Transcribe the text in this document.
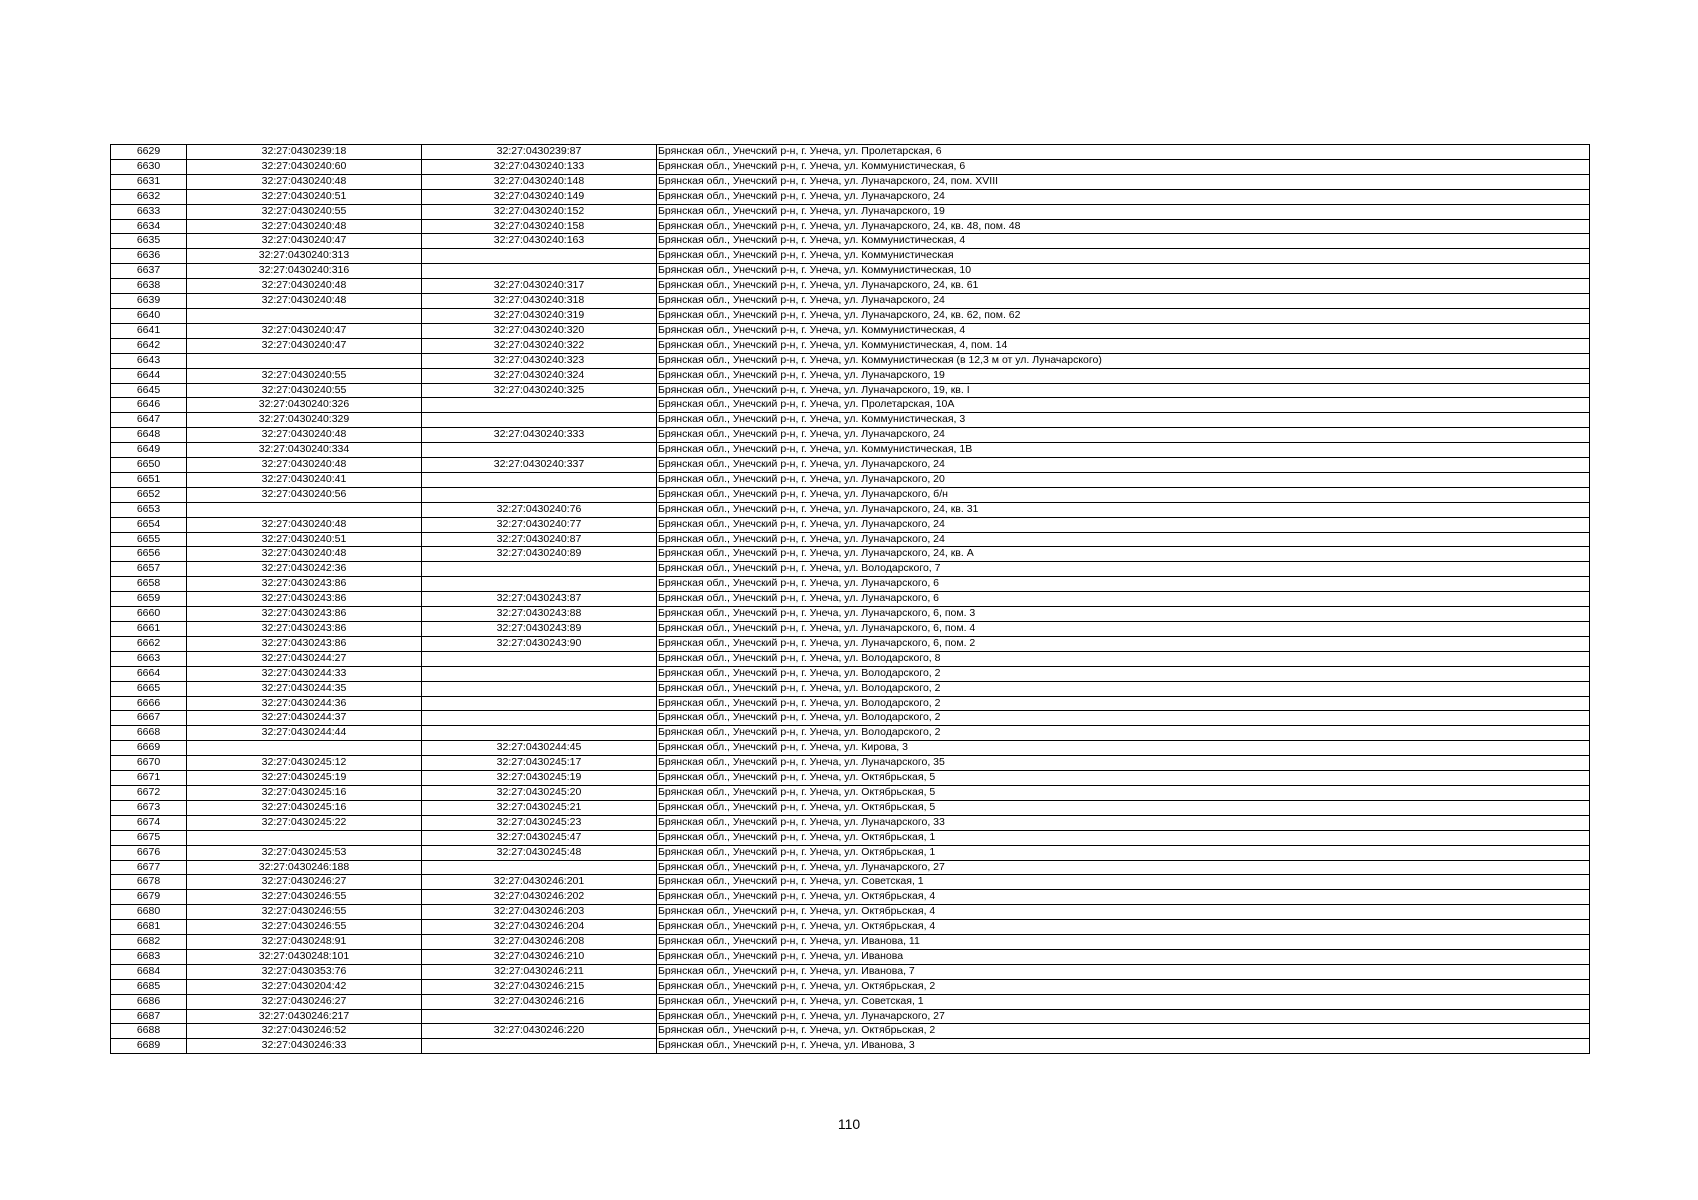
6629	32:27:0430239:18	32:27:0430239:87	Брянская обл., Унечский р-н, г. Унеча, ул. Пролетарская, 6
6630	32:27:0430240:60	32:27:0430240:133	Брянская обл., Унечский р-н, г. Унеча, ул. Коммунистическая, 6
6631	32:27:0430240:48	32:27:0430240:148	Брянская обл., Унечский р-н, г. Унеча, ул. Луначарского, 24, пом. XVIII
6632	32:27:0430240:51	32:27:0430240:149	Брянская обл., Унечский р-н, г. Унеча, ул. Луначарского, 24
6633	32:27:0430240:55	32:27:0430240:152	Брянская обл., Унечский р-н, г. Унеча, ул. Луначарского, 19
6634	32:27:0430240:48	32:27:0430240:158	Брянская обл., Унечский р-н, г. Унеча, ул. Луначарского, 24, кв. 48, пом. 48
6635	32:27:0430240:47	32:27:0430240:163	Брянская обл., Унечский р-н, г. Унеча, ул. Коммунистическая, 4
6636	32:27:0430240:313		Брянская обл., Унечский р-н, г. Унеча, ул. Коммунистическая
6637	32:27:0430240:316		Брянская обл., Унечский р-н, г. Унеча, ул. Коммунистическая, 10
6638	32:27:0430240:48	32:27:0430240:317	Брянская обл., Унечский р-н, г. Унеча, ул. Луначарского, 24, кв. 61
6639	32:27:0430240:48	32:27:0430240:318	Брянская обл., Унечский р-н, г. Унеча, ул. Луначарского, 24
6640		32:27:0430240:319	Брянская обл., Унечский р-н, г. Унеча, ул. Луначарского, 24, кв. 62, пом. 62
6641	32:27:0430240:47	32:27:0430240:320	Брянская обл., Унечский р-н, г. Унеча, ул. Коммунистическая, 4
6642	32:27:0430240:47	32:27:0430240:322	Брянская обл., Унечский р-н, г. Унеча, ул. Коммунистическая, 4, пом. 14
6643		32:27:0430240:323	Брянская обл., Унечский р-н, г. Унеча, ул. Коммунистическая (в 12,3 м от ул. Луначарского)
6644	32:27:0430240:55	32:27:0430240:324	Брянская обл., Унечский р-н, г. Унеча, ул. Луначарского, 19
6645	32:27:0430240:55	32:27:0430240:325	Брянская обл., Унечский р-н, г. Унеча, ул. Луначарского, 19, кв. I
6646	32:27:0430240:326		Брянская обл., Унечский р-н, г. Унеча, ул. Пролетарская, 10А
6647	32:27:0430240:329		Брянская обл., Унечский р-н, г. Унеча, ул. Коммунистическая, 3
6648	32:27:0430240:48	32:27:0430240:333	Брянская обл., Унечский р-н, г. Унеча, ул. Луначарского, 24
6649	32:27:0430240:334		Брянская обл., Унечский р-н, г. Унеча, ул. Коммунистическая, 1В
6650	32:27:0430240:48	32:27:0430240:337	Брянская обл., Унечский р-н, г. Унеча, ул. Луначарского, 24
6651	32:27:0430240:41		Брянская обл., Унечский р-н, г. Унеча, ул. Луначарского, 20
6652	32:27:0430240:56		Брянская обл., Унечский р-н, г. Унеча, ул. Луначарского, б/н
6653		32:27:0430240:76	Брянская обл., Унечский р-н, г. Унеча, ул. Луначарского, 24, кв. 31
6654	32:27:0430240:48	32:27:0430240:77	Брянская обл., Унечский р-н, г. Унеча, ул. Луначарского, 24
6655	32:27:0430240:51	32:27:0430240:87	Брянская обл., Унечский р-н, г. Унеча, ул. Луначарского, 24
6656	32:27:0430240:48	32:27:0430240:89	Брянская обл., Унечский р-н, г. Унеча, ул. Луначарского, 24, кв. А
6657	32:27:0430242:36		Брянская обл., Унечский р-н, г. Унеча, ул. Володарского, 7
6658	32:27:0430243:86		Брянская обл., Унечский р-н, г. Унеча, ул. Луначарского, 6
6659	32:27:0430243:86	32:27:0430243:87	Брянская обл., Унечский р-н, г. Унеча, ул. Луначарского, 6
6660	32:27:0430243:86	32:27:0430243:88	Брянская обл., Унечский р-н, г. Унеча, ул. Луначарского, 6, пом. 3
6661	32:27:0430243:86	32:27:0430243:89	Брянская обл., Унечский р-н, г. Унеча, ул. Луначарского, 6, пом. 4
6662	32:27:0430243:86	32:27:0430243:90	Брянская обл., Унечский р-н, г. Унеча, ул. Луначарского, 6, пом. 2
6663	32:27:0430244:27		Брянская обл., Унечский р-н, г. Унеча, ул. Володарского, 8
6664	32:27:0430244:33		Брянская обл., Унечский р-н, г. Унеча, ул. Володарского, 2
6665	32:27:0430244:35		Брянская обл., Унечский р-н, г. Унеча, ул. Володарского, 2
6666	32:27:0430244:36		Брянская обл., Унечский р-н, г. Унеча, ул. Володарского, 2
6667	32:27:0430244:37		Брянская обл., Унечский р-н, г. Унеча, ул. Володарского, 2
6668	32:27:0430244:44		Брянская обл., Унечский р-н, г. Унеча, ул. Володарского, 2
6669		32:27:0430244:45	Брянская обл., Унечский р-н, г. Унеча, ул. Кирова, 3
6670	32:27:0430245:12	32:27:0430245:17	Брянская обл., Унечский р-н, г. Унеча, ул. Луначарского, 35
6671	32:27:0430245:19	32:27:0430245:19	Брянская обл., Унечский р-н, г. Унеча, ул. Октябрьская, 5
6672	32:27:0430245:16	32:27:0430245:20	Брянская обл., Унечский р-н, г. Унеча, ул. Октябрьская, 5
6673	32:27:0430245:16	32:27:0430245:21	Брянская обл., Унечский р-н, г. Унеча, ул. Октябрьская, 5
6674	32:27:0430245:22	32:27:0430245:23	Брянская обл., Унечский р-н, г. Унеча, ул. Луначарского, 33
6675		32:27:0430245:47	Брянская обл., Унечский р-н, г. Унеча, ул. Октябрьская, 1
6676	32:27:0430245:53	32:27:0430245:48	Брянская обл., Унечский р-н, г. Унеча, ул. Октябрьская, 1
6677	32:27:0430246:188		Брянская обл., Унечский р-н, г. Унеча, ул. Луначарского, 27
6678	32:27:0430246:27	32:27:0430246:201	Брянская обл., Унечский р-н, г. Унеча, ул. Советская, 1
6679	32:27:0430246:55	32:27:0430246:202	Брянская обл., Унечский р-н, г. Унеча, ул. Октябрьская, 4
6680	32:27:0430246:55	32:27:0430246:203	Брянская обл., Унечский р-н, г. Унеча, ул. Октябрьская, 4
6681	32:27:0430246:55	32:27:0430246:204	Брянская обл., Унечский р-н, г. Унеча, ул. Октябрьская, 4
6682	32:27:0430248:91	32:27:0430246:208	Брянская обл., Унечский р-н, г. Унеча, ул. Иванова, 11
6683	32:27:0430248:101	32:27:0430246:210	Брянская обл., Унечский р-н, г. Унеча, ул. Иванова
6684	32:27:0430353:76	32:27:0430246:211	Брянская обл., Унечский р-н, г. Унеча, ул. Иванова, 7
6685	32:27:0430204:42	32:27:0430246:215	Брянская обл., Унечский р-н, г. Унеча, ул. Октябрьская, 2
6686	32:27:0430246:27	32:27:0430246:216	Брянская обл., Унечский р-н, г. Унеча, ул. Советская, 1
6687	32:27:0430246:217		Брянская обл., Унечский р-н, г. Унеча, ул. Луначарского, 27
6688	32:27:0430246:52	32:27:0430246:220	Брянская обл., Унечский р-н, г. Унеча, ул. Октябрьская, 2
6689	32:27:0430246:33		Брянская обл., Унечский р-н, г. Унеча, ул. Иванова, 3
110
